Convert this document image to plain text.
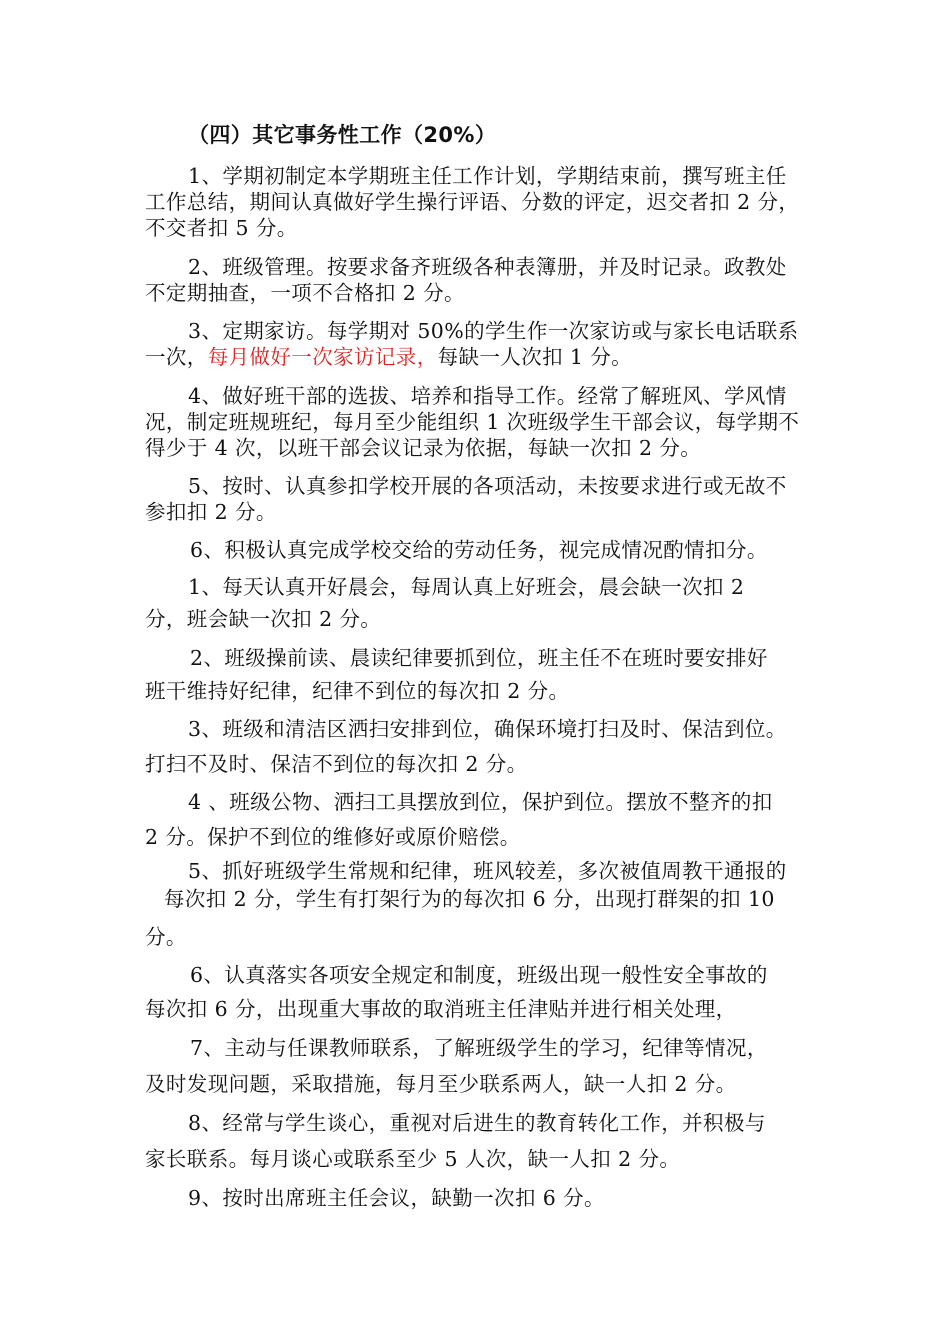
（四）其它事务性工作（20%）
1、学期初制定本学期班主任工作计划，学期结束前，撰写班主任
工作总结，期间认真做好学生操行评语、分数的评定，迟交者扣 2 分，
不交者扣 5 分。
2、班级管理。按要求备齐班级各种表簿册，并及时记录。政教处
不定期抽查，一项不合格扣 2 分。
3、定期家访。每学期对 50%的学生作一次家访或与家长电话联系
一次，每月做好一次家访记录，每缺一人次扣 1 分。
4、做好班干部的选拔、培养和指导工作。经常了解班风、学风情
况，制定班规班纪，每月至少能组织 1 次班级学生干部会议，每学期不
得少于 4 次，以班干部会议记录为依据，每缺一次扣 2 分。
5、按时、认真参扣学校开展的各项活动，未按要求进行或无故不
参扣扣 2 分。
6、积极认真完成学校交给的劳动任务，视完成情况酌情扣分。
1、每天认真开好晨会，每周认真上好班会，晨会缺一次扣 2
分，班会缺一次扣 2 分。
2、班级操前读、晨读纪律要抓到位，班主任不在班时要安排好
班干维持好纪律，纪律不到位的每次扣 2 分。
3、班级和清洁区洒扫安排到位，确保环境打扫及时、保洁到位。
打扫不及时、保洁不到位的每次扣 2 分。
4 、班级公物、洒扫工具摆放到位，保护到位。摆放不整齐的扣
2 分。保护不到位的维修好或原价赔偿。
5、抓好班级学生常规和纪律，班风较差，多次被值周教干通报的
每次扣 2 分，学生有打架行为的每次扣 6 分，出现打群架的扣 10
分。
6、认真落实各项安全规定和制度，班级出现一般性安全事故的
每次扣 6 分，出现重大事故的取消班主任津贴并进行相关处理，
7、主动与任课教师联系，了解班级学生的学习，纪律等情况，
及时发现问题，采取措施，每月至少联系两人，缺一人扣 2 分。
8、经常与学生谈心，重视对后进生的教育转化工作，并积极与
家长联系。每月谈心或联系至少 5 人次，缺一人扣 2 分。
9、按时出席班主任会议，缺勤一次扣 6 分。
